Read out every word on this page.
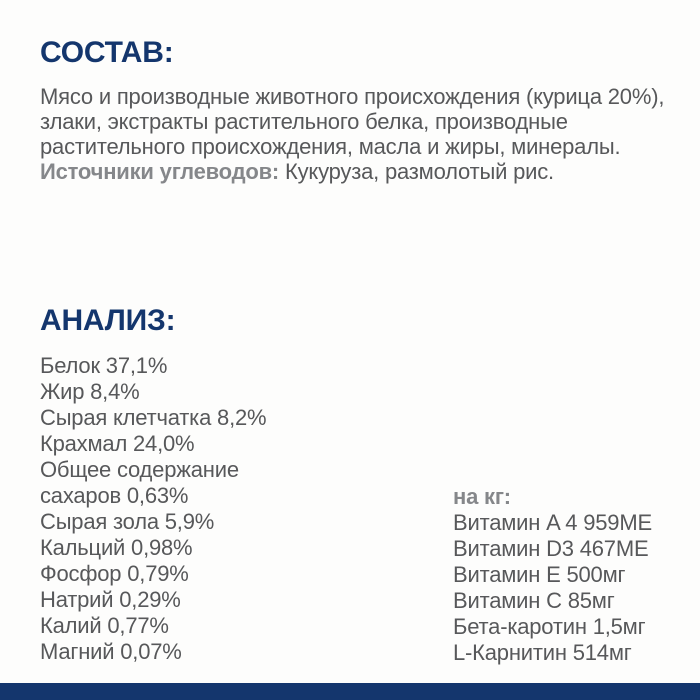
СОСТАВ:

Мясо и производные животного происхождения (курица 20%), злаки, экстракты растительного белка, производные растительного происхождения, масла и жиры, минералы.

Источники углеводов: Кукуруза, размолотый рис.

АНАЛИЗ:
Белок 37,1%
Жир 8,4%
Сырая клетчатка 8,2%
Крахмал 24,0%
Общее содержание
сахаров 0,63%
Сырая зола 5,9%
Кальций 0,98%
Фосфор 0,79%
Натрий 0,29%
Калий 0,77%
Магний 0,07%
на кг:
Витамин A 4 959МЕ
Витамин D3 467МЕ
Витамин E 500мг
Витамин C 85мг
Бета-каротин 1,5мг
L-Карнитин 514мг
